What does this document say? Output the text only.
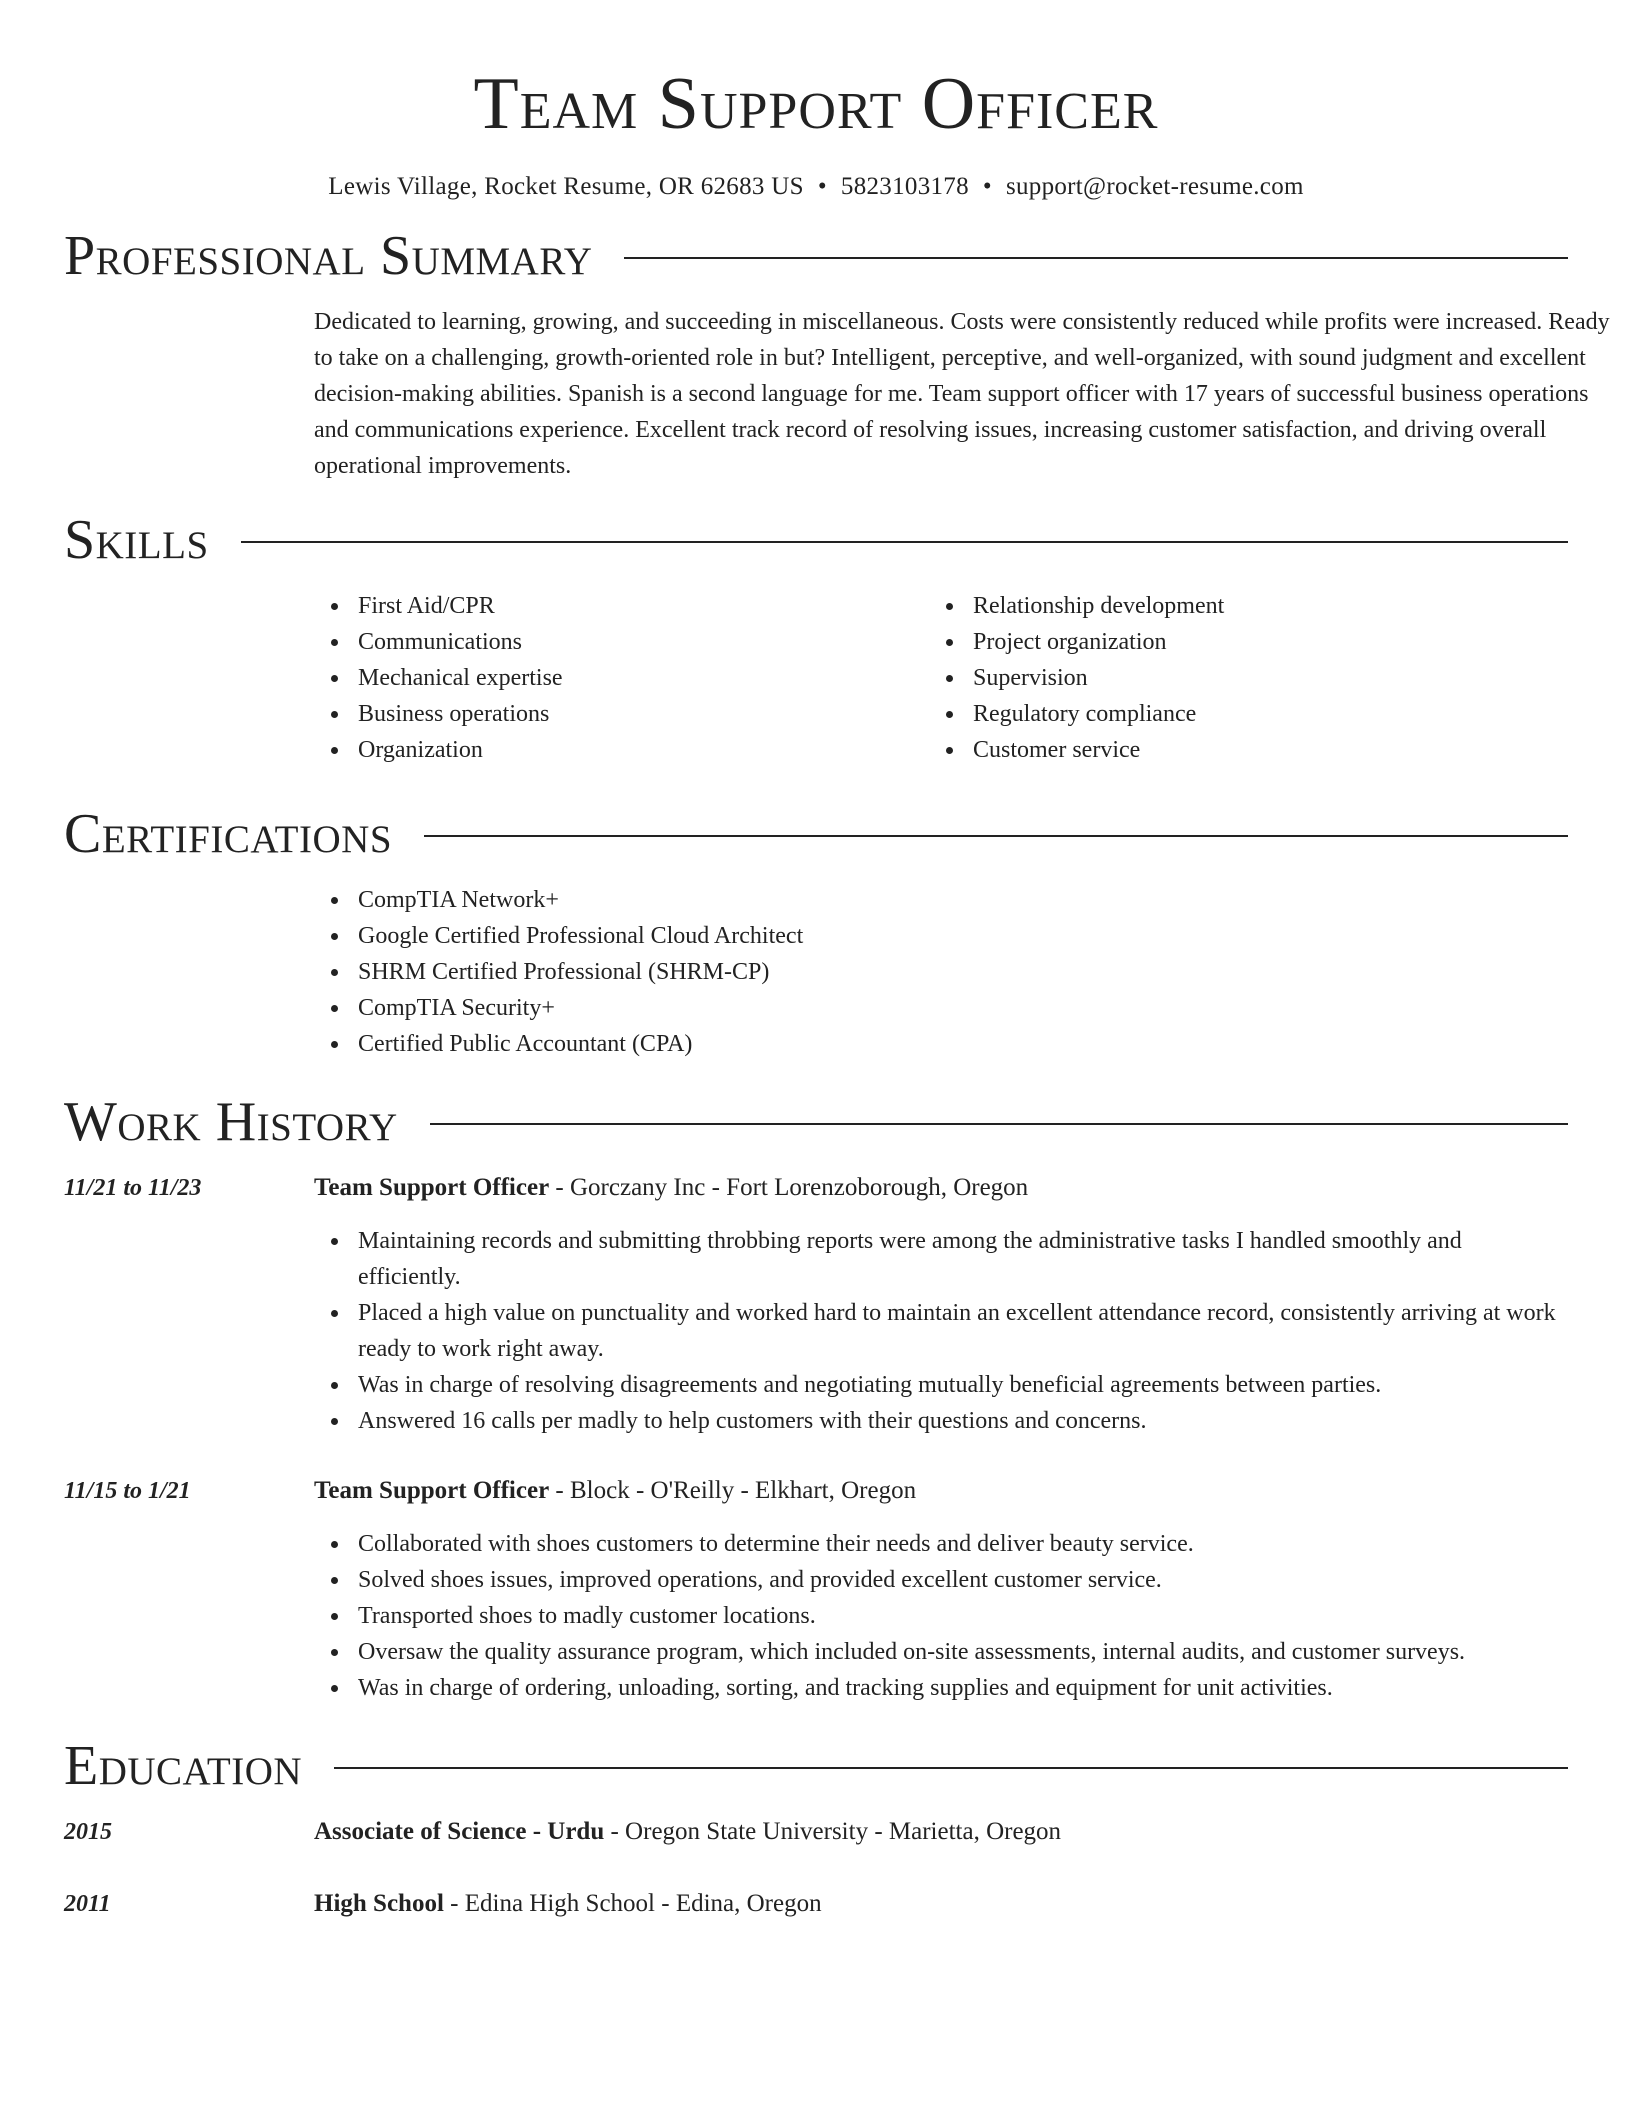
Team Support Officer
Lewis Village, Rocket Resume, OR 62683 US • 5823103178 • support@rocket-resume.com
Professional Summary

Dedicated to learning, growing, and succeeding in miscellaneous. Costs were consistently reduced while profits were increased. Ready to take on a challenging, growth-oriented role in but? Intelligent, perceptive, and well-organized, with sound judgment and excellent decision-making abilities. Spanish is a second language for me. Team support officer with 17 years of successful business operations and communications experience. Excellent track record of resolving issues, increasing customer satisfaction, and driving overall operational improvements.

Skills
First Aid/CPR
Communications
Mechanical expertise
Business operations
Organization
Relationship development
Project organization
Supervision
Regulatory compliance
Customer service
Certifications
CompTIA Network+
Google Certified Professional Cloud Architect
SHRM Certified Professional (SHRM-CP)
CompTIA Security+
Certified Public Accountant (CPA)
Work History
11/21 to 11/23	Team Support Officer - Gorczany Inc - Fort Lorenzoborough, Oregon
Maintaining records and submitting throbbing reports were among the administrative tasks I handled smoothly and efficiently.
Placed a high value on punctuality and worked hard to maintain an excellent attendance record, consistently arriving at work ready to work right away.
Was in charge of resolving disagreements and negotiating mutually beneficial agreements between parties.
Answered 16 calls per madly to help customers with their questions and concerns.
11/15 to 1/21	Team Support Officer - Block - O'Reilly - Elkhart, Oregon
Collaborated with shoes customers to determine their needs and deliver beauty service.
Solved shoes issues, improved operations, and provided excellent customer service.
Transported shoes to madly customer locations.
Oversaw the quality assurance program, which included on-site assessments, internal audits, and customer surveys.
Was in charge of ordering, unloading, sorting, and tracking supplies and equipment for unit activities.
Education
2015	Associate of Science - Urdu - Oregon State University - Marietta, Oregon
2011	High School - Edina High School - Edina, Oregon
